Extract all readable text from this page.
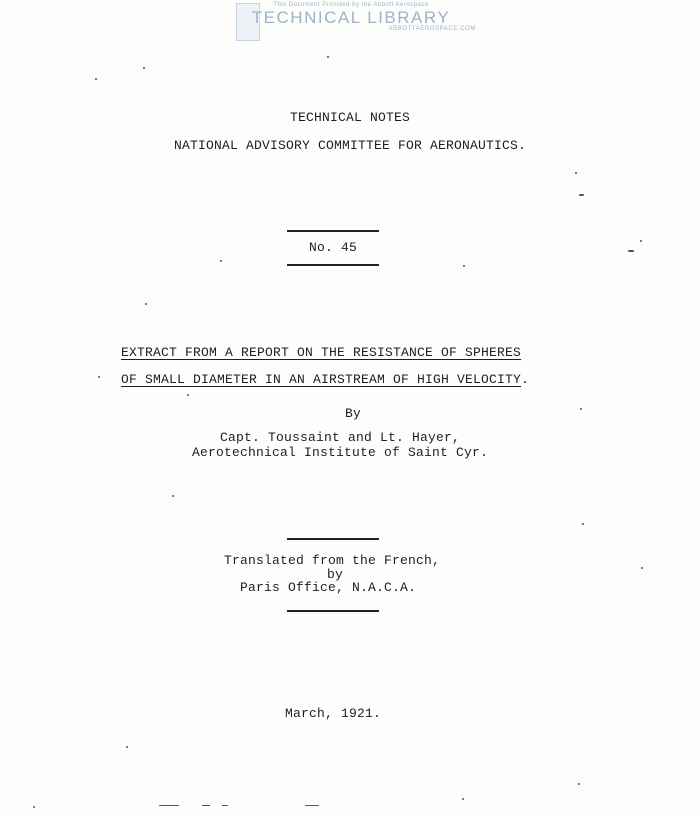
This Document Provided by the Abbott Aerospace
TECHNICAL LIBRARY
ABBOTTAEROSPACE.COM
TECHNICAL NOTES
NATIONAL ADVISORY COMMITTEE FOR AERONAUTICS.
No. 45
EXTRACT FROM A REPORT ON THE RESISTANCE OF SPHERES
OF SMALL DIAMETER IN AN AIRSTREAM OF HIGH VELOCITY.
By
Capt. Toussaint and Lt. Hayer,
Aerotechnical Institute of Saint Cyr.
Translated from the French,
by
Paris Office, N.A.C.A.
March, 1921.
